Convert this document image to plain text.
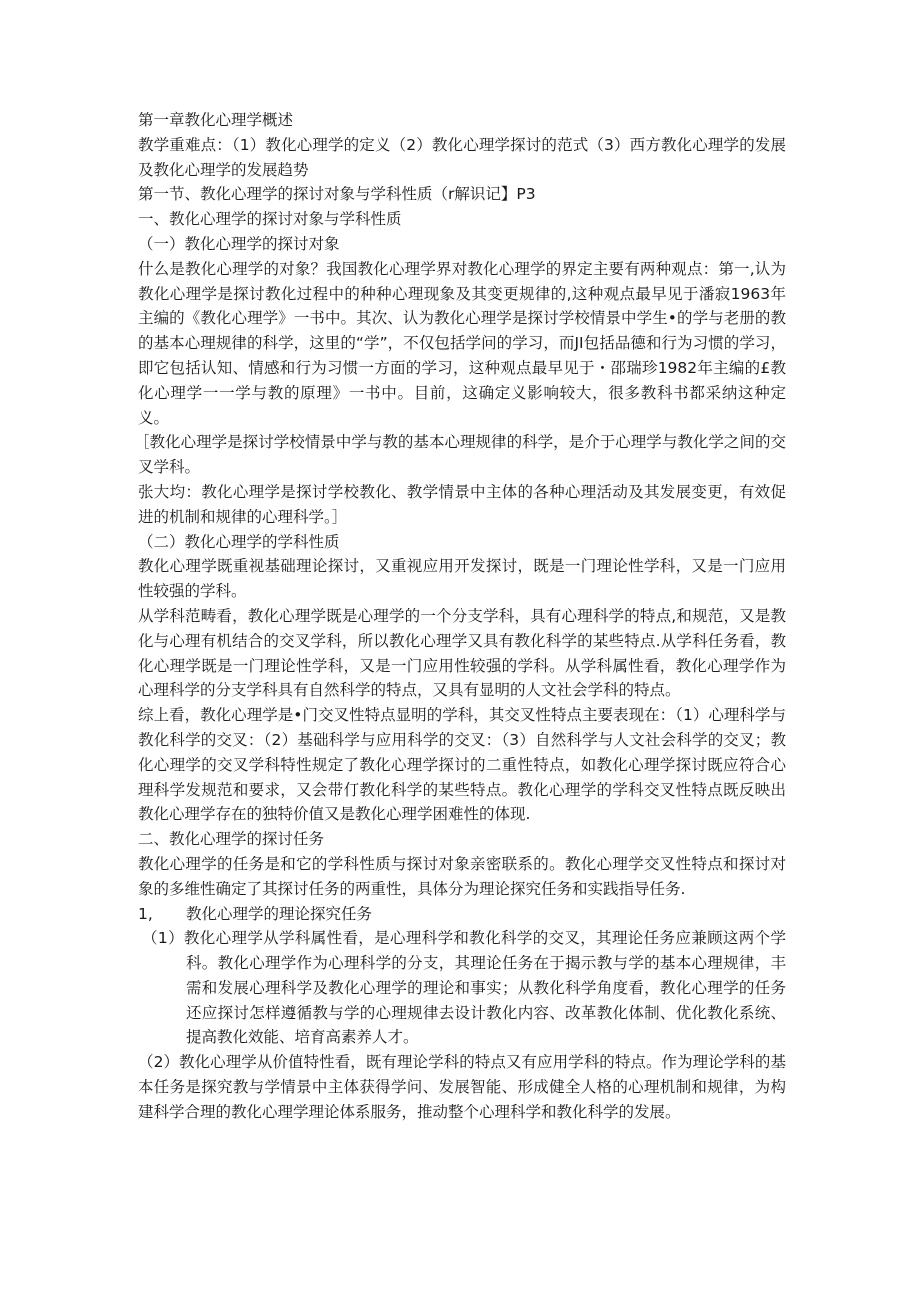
第一章教化心理学概述

教学重难点：（1）教化心理学的定义（2）教化心理学探讨的范式（3）西方教化心理学的发展及教化心理学的发展趋势

第一节、教化心理学的探讨对象与学科性质（r解识记】P3

一、教化心理学的探讨对象与学科性质

（一）教化心理学的探讨对象

什么是教化心理学的对象？我国教化心理学界对教化心理学的界定主要有两种观点：第一,认为教化心理学是探讨教化过程中的种种心理现象及其变更规律的,这种观点最早见于潘寂1963年主编的《教化心理学》一书中。其次、认为教化心理学是探讨学校情景中学生•的学与老册的教的基本心理规律的科学，这里的“学”，不仅包括学问的学习，而JI包括品德和行为习惯的学习，即它包括认知、情感和行为习惯一方面的学习，这种观点最早见于・邵瑞珍1982年主编的£教化心理学一一学与教的原理》一书中。目前，这确定义影响较大，很多教科书都采纳这种定义。

［教化心理学是探讨学校情景中学与教的基本心理规律的科学，是介于心理学与教化学之间的交叉学科。

张大均：教化心理学是探讨学校教化、教学情景中主体的各种心理活动及其发展变更，有效促进的机制和规律的心理科学。］

（二）教化心理学的学科性质

教化心理学既重视基础理论探讨，又重视应用开发探讨，既是一门理论性学科，又是一门应用性较强的学科。

从学科范畴看，教化心理学既是心理学的一个分支学科，具有心理科学的特点,和规范，又是教化与心理有机结合的交叉学科，所以教化心理学又具有教化科学的某些特点.从学科任务看，教化心理学既是一门理论性学科，又是一门应用性较强的学科。从学科属性看，教化心理学作为心理科学的分支学科具有自然科学的特点，又具有显明的人文社会学科的特点。

综上看，教化心理学是•门交叉性特点显明的学科，其交叉性特点主要表现在：（1）心理科学与教化科学的交叉：（2）基础科学与应用科学的交叉：（3）自然科学与人文社会科学的交叉；教化心理学的交叉学科特性规定了教化心理学探讨的二重性特点，如教化心理学探讨既应符合心理科学发规范和要求，又会带仃教化科学的某些特点。教化心理学的学科交叉性特点既反映出教化心理学存在的独特价值又是教化心理学困难性的体现.

二、教化心理学的探讨任务

教化心理学的任务是和它的学科性质与探讨对象亲密联系的。教化心理学交叉性特点和探讨对象的多维性确定了其探讨任务的两重性，具体分为理论探究任务和实践指导任务.

1,	教化心理学的理论探究任务

（1）教化心理学从学科属性看，是心理科学和教化科学的交叉，其理论任务应兼顾这两个学科。教化心理学作为心理科学的分支，其理论任务在于揭示教与学的基本心理规律，丰需和发展心理科学及教化心理学的理论和事实；从教化科学角度看，教化心理学的任务还应探讨怎样遵循教与学的心理规律去设计教化内容、改革教化体制、优化教化系统、提高教化效能、培育高素养人才。

（2）教化心理学从价值特性看，既有理论学科的特点又有应用学科的特点。作为理论学科的基本任务是探究教与学情景中主体获得学问、发展智能、形成健全人格的心理机制和规律，为构建科学合理的教化心理学理论体系服务，推动整个心理科学和教化科学的发展。
